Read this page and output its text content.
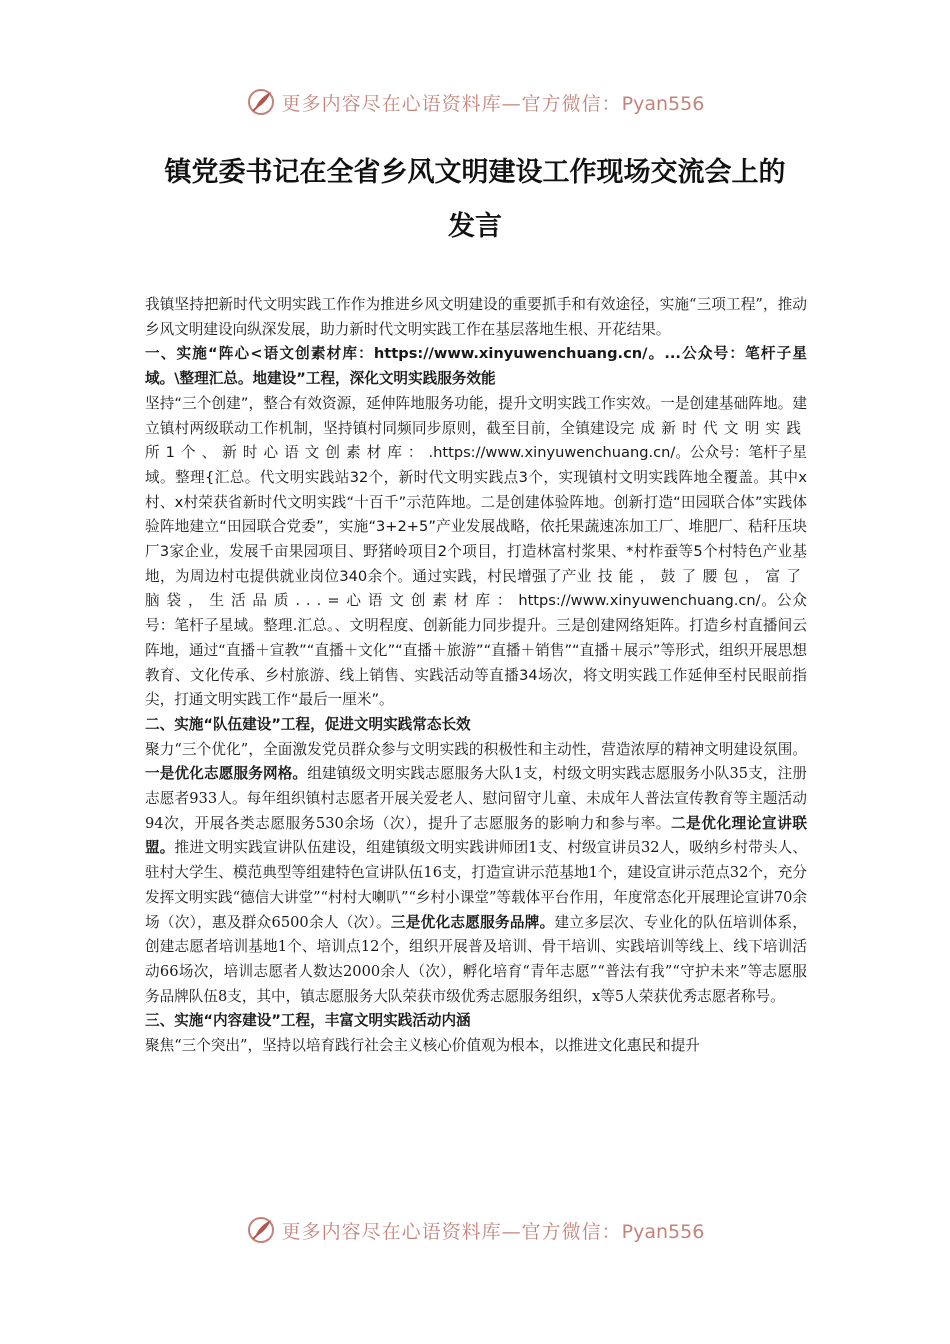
更多内容尽在心语资料库—官方微信：Pyan556
镇党委书记在全省乡风文明建设工作现场交流会上的
发言

我镇坚持把新时代文明实践工作作为推进乡风文明建设的重要抓手和有效途径，实施“三项工程”，推动乡风文明建设向纵深发展，助力新时代文明实践工作在基层落地生根、开花结果。

一、实施“阵心<语文创素材库：https://www.xinyuwenchuang.cn/。...公众号：笔杆子星域。\整理汇总。地建设”工程，深化文明实践服务效能

坚持“三个创建”，整合有效资源，延伸阵地服务功能，提升文明实践工作实效。一是创建基础阵地。建立镇村两级联动工作机制，坚持镇村同频同步原则，截至目前，全镇建设完成新时代文明实践所1个、新时心语文创素材库：.https://www.xinyuwenchuang.cn/。公众号：笔杆子星域。整理{汇总。代文明实践站32个，新时代文明实践点3个，实现镇村文明实践阵地全覆盖。其中x村、x村荣获省新时代文明实践“十百千”示范阵地。二是创建体验阵地。创新打造“田园联合体”实践体验阵地建立“田园联合党委”，实施“3+2+5”产业发展战略，依托果蔬速冻加工厂、堆肥厂、秸秆压块厂3家企业，发展千亩果园项目、野猪岭项目2个项目，打造林富村浆果、*村柞蚕等5个村特色产业基地，为周边村屯提供就业岗位340余个。通过实践，村民增强了产业技能，鼓了腰包，富了脑袋，生活品质...=心语文创素材库：https://www.xinyuwenchuang.cn/。公众号：笔杆子星域。整理.汇总。、文明程度、创新能力同步提升。三是创建网络矩阵。打造乡村直播间云阵地，通过“直播＋宣教”“直播＋文化”“直播＋旅游”“直播＋销售”“直播＋展示”等形式，组织开展思想教育、文化传承、乡村旅游、线上销售、实践活动等直播34场次，将文明实践工作延伸至村民眼前指尖，打通文明实践工作“最后一厘米”。

二、实施“队伍建设”工程，促进文明实践常态长效

聚力“三个优化”，全面激发党员群众参与文明实践的积极性和主动性，营造浓厚的精神文明建设氛围。一是优化志愿服务网格。组建镇级文明实践志愿服务大队1支，村级文明实践志愿服务小队35支，注册志愿者933人。每年组织镇村志愿者开展关爱老人、慰问留守儿童、未成年人普法宣传教育等主题活动94次，开展各类志愿服务530余场（次），提升了志愿服务的影响力和参与率。二是优化理论宣讲联盟。推进文明实践宣讲队伍建设，组建镇级文明实践讲师团1支、村级宣讲员32人，吸纳乡村带头人、驻村大学生、模范典型等组建特色宣讲队伍16支，打造宣讲示范基地1个，建设宣讲示范点32个，充分发挥文明实践“德信大讲堂”“村村大喇叭”“乡村小课堂”等载体平台作用，年度常态化开展理论宣讲70余场（次），惠及群众6500余人（次）。三是优化志愿服务品牌。建立多层次、专业化的队伍培训体系，创建志愿者培训基地1个、培训点12个，组织开展普及培训、骨干培训、实践培训等线上、线下培训活动66场次，培训志愿者人数达2000余人（次），孵化培育“青年志愿”“普法有我”“守护未来”等志愿服务品牌队伍8支，其中，镇志愿服务大队荣获市级优秀志愿服务组织，x等5人荣获优秀志愿者称号。

三、实施“内容建设”工程，丰富文明实践活动内涵

聚焦“三个突出”，坚持以培育践行社会主义核心价值观为根本，以推进文化惠民和提升

更多内容尽在心语资料库—官方微信：Pyan556
